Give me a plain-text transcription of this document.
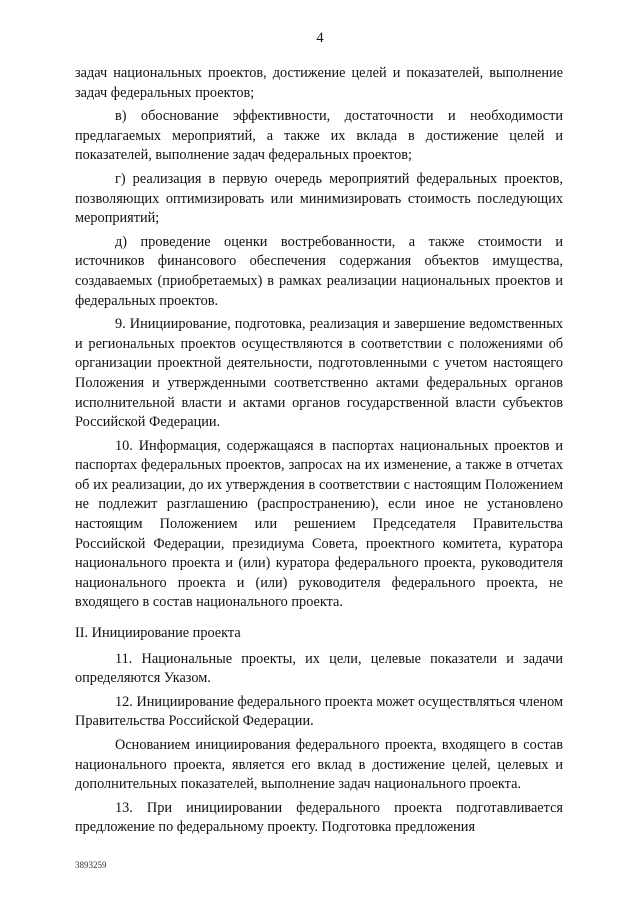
4

задач национальных проектов, достижение целей и показателей, выполнение задач федеральных проектов;

в) обоснование эффективности, достаточности и необходимости предлагаемых мероприятий, а также их вклада в достижение целей и показателей, выполнение задач федеральных проектов;

г) реализация в первую очередь мероприятий федеральных проектов, позволяющих оптимизировать или минимизировать стоимость последующих мероприятий;

д) проведение оценки востребованности, а также стоимости и источников финансового обеспечения содержания объектов имущества, создаваемых (приобретаемых) в рамках реализации национальных проектов и федеральных проектов.

9. Инициирование, подготовка, реализация и завершение ведомственных и региональных проектов осуществляются в соответствии с положениями об организации проектной деятельности, подготовленными с учетом настоящего Положения и утвержденными соответственно актами федеральных органов исполнительной власти и актами органов государственной власти субъектов Российской Федерации.

10. Информация, содержащаяся в паспортах национальных проектов и паспортах федеральных проектов, запросах на их изменение, а также в отчетах об их реализации, до их утверждения в соответствии с настоящим Положением не подлежит разглашению (распространению), если иное не установлено настоящим Положением или решением Председателя Правительства Российской Федерации, президиума Совета, проектного комитета, куратора национального проекта и (или) куратора федерального проекта, руководителя национального проекта и (или) руководителя федерального проекта, не входящего в состав национального проекта.

II. Инициирование проекта

11. Национальные проекты, их цели, целевые показатели и задачи определяются Указом.

12. Инициирование федерального проекта может осуществляться членом Правительства Российской Федерации.

Основанием инициирования федерального проекта, входящего в состав национального проекта, является его вклад в достижение целей, целевых и дополнительных показателей, выполнение задач национального проекта.

13. При инициировании федерального проекта подготавливается предложение по федеральному проекту. Подготовка предложения

3893259
